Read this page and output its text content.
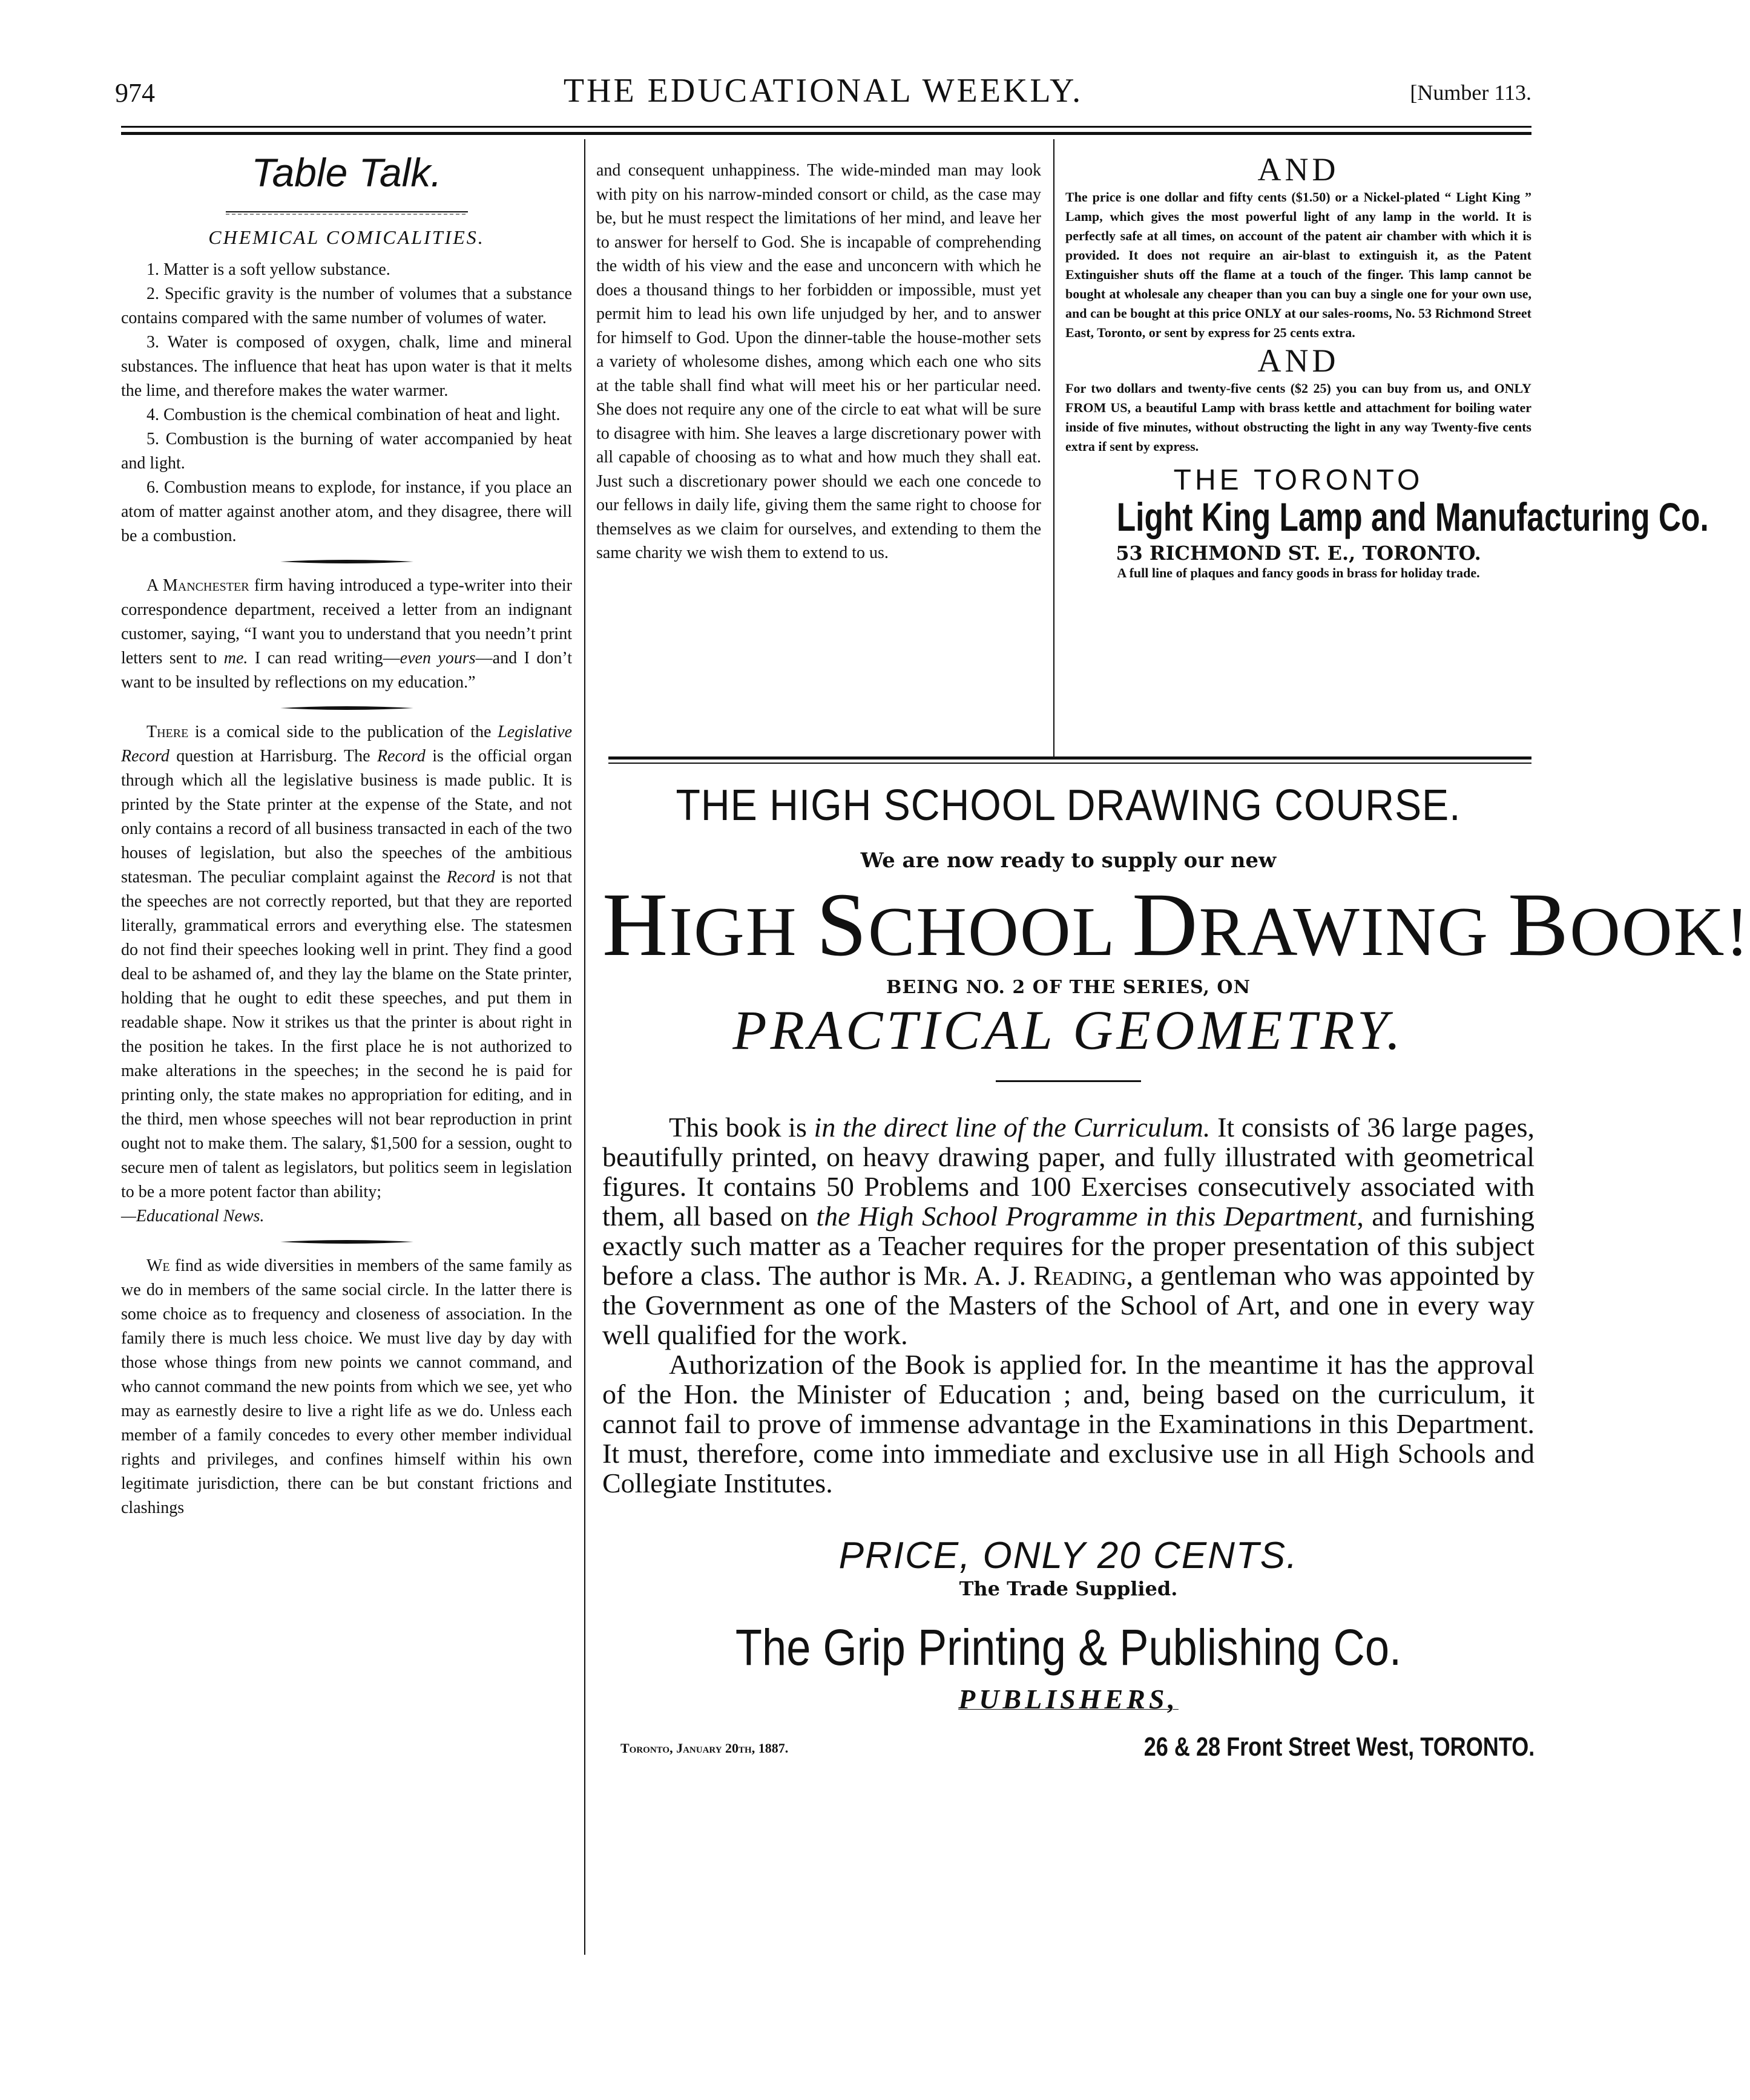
974	THE EDUCATIONAL WEEKLY.	[Number 113.
Table Talk.
CHEMICAL COMICALITIES.

1. Matter is a soft yellow substance.

2. Specific gravity is the number of volumes that a substance contains compared with the same number of volumes of water.

3. Water is composed of oxygen, chalk, lime and mineral substances. The influence that heat has upon water is that it melts the lime, and therefore makes the water warmer.

4. Combustion is the chemical combination of heat and light.

5. Combustion is the burning of water accompanied by heat and light.

6. Combustion means to explode, for instance, if you place an atom of matter against another atom, and they disagree, there will be a combustion.

A Manchester firm having introduced a type-writer into their correspondence department, received a letter from an indignant customer, saying, “I want you to understand that you needn’t print letters sent to me. I can read writing—even yours—and I don’t want to be insulted by reflections on my education.”

There is a comical side to the publication of the Legislative Record question at Harrisburg. The Record is the official organ through which all the legislative business is made public. It is printed by the State printer at the expense of the State, and not only contains a record of all business transacted in each of the two houses of legislation, but also the speeches of the ambitious statesman. The peculiar complaint against the Record is not that the speeches are not correctly reported, but that they are reported literally, grammatical errors and everything else. The statesmen do not find their speeches looking well in print. They find a good deal to be ashamed of, and they lay the blame on the State printer, holding that he ought to edit these speeches, and put them in readable shape. Now it strikes us that the printer is about right in the position he takes. In the first place he is not authorized to make alterations in the speeches; in the second he is paid for printing only, the state makes no appropriation for editing, and in the third, men whose speeches will not bear reproduction in print ought not to make them. The salary, $1,500 for a session, ought to secure men of talent as legislators, but politics seem in legislation to be a more potent factor than ability;

—Educational News.

We find as wide diversities in members of the same family as we do in members of the same social circle. In the latter there is some choice as to frequency and closeness of association. In the family there is much less choice. We must live day by day with those whose things from new points we cannot command, and who cannot command the new points from which we see, yet who may as earnestly desire to live a right life as we do. Unless each member of a family concedes to every other member individual rights and privileges, and confines himself within his own legitimate jurisdiction, there can be but constant frictions and clashings

and consequent unhappiness. The wide-minded man may look with pity on his narrow-minded consort or child, as the case may be, but he must respect the limitations of her mind, and leave her to answer for herself to God. She is incapable of comprehending the width of his view and the ease and unconcern with which he does a thousand things to her forbidden or impossible, must yet permit him to lead his own life unjudged by her, and to answer for himself to God. Upon the dinner-table the house-mother sets a variety of wholesome dishes, among which each one who sits at the table shall find what will meet his or her particular need. She does not require any one of the circle to eat what will be sure to disagree with him. She leaves a large discretionary power with all capable of choosing as to what and how much they shall eat. Just such a discretionary power should we each one concede to our fellows in daily life, giving them the same right to choose for themselves as we claim for ourselves, and extending to them the same charity we wish them to extend to us.

AND

The price is one dollar and fifty cents ($1.50) or a Nickel-plated “ Light King ” Lamp, which gives the most powerful light of any lamp in the world. It is perfectly safe at all times, on account of the patent air chamber with which it is provided. It does not require an air-blast to extinguish it, as the Patent Extinguisher shuts off the flame at a touch of the finger. This lamp cannot be bought at wholesale any cheaper than you can buy a single one for your own use, and can be bought at this price ONLY at our sales-rooms, No. 53 Richmond Street East, Toronto, or sent by express for 25 cents extra.

AND

For two dollars and twenty-five cents ($2 25) you can buy from us, and ONLY FROM US, a beautiful Lamp with brass kettle and attachment for boiling water inside of five minutes, without obstructing the light in any way Twenty-five cents extra if sent by express.

THE TORONTO
Light King Lamp and Manufacturing Co.
53 RICHMOND ST. E., TORONTO.
A full line of plaques and fancy goods in brass for holiday trade.
THE HIGH SCHOOL DRAWING COURSE.
We are now ready to supply our new
HIGH SCHOOL DRAWING BOOK!
BEING NO. 2 OF THE SERIES, ON
PRACTICAL GEOMETRY.

This book is in the direct line of the Curriculum. It consists of 36 large pages, beautifully printed, on heavy drawing paper, and fully illustrated with geometrical figures. It contains 50 Problems and 100 Exercises consecutively associated with them, all based on the High School Programme in this Department, and furnishing exactly such matter as a Teacher requires for the proper presentation of this subject before a class. The author is Mr. A. J. Reading, a gentleman who was appointed by the Government as one of the Masters of the School of Art, and one in every way well qualified for the work.

Authorization of the Book is applied for. In the meantime it has the approval of the Hon. the Minister of Education ; and, being based on the curriculum, it cannot fail to prove of immense advantage in the Examinations in this Department. It must, therefore, come into immediate and exclusive use in all High Schools and Collegiate Institutes.

PRICE, ONLY 20 CENTS.
The Trade Supplied.
The Grip Printing & Publishing Co.
PUBLISHERS,
Toronto, January 20th, 1887.	26 & 28 Front Street West, TORONTO.
